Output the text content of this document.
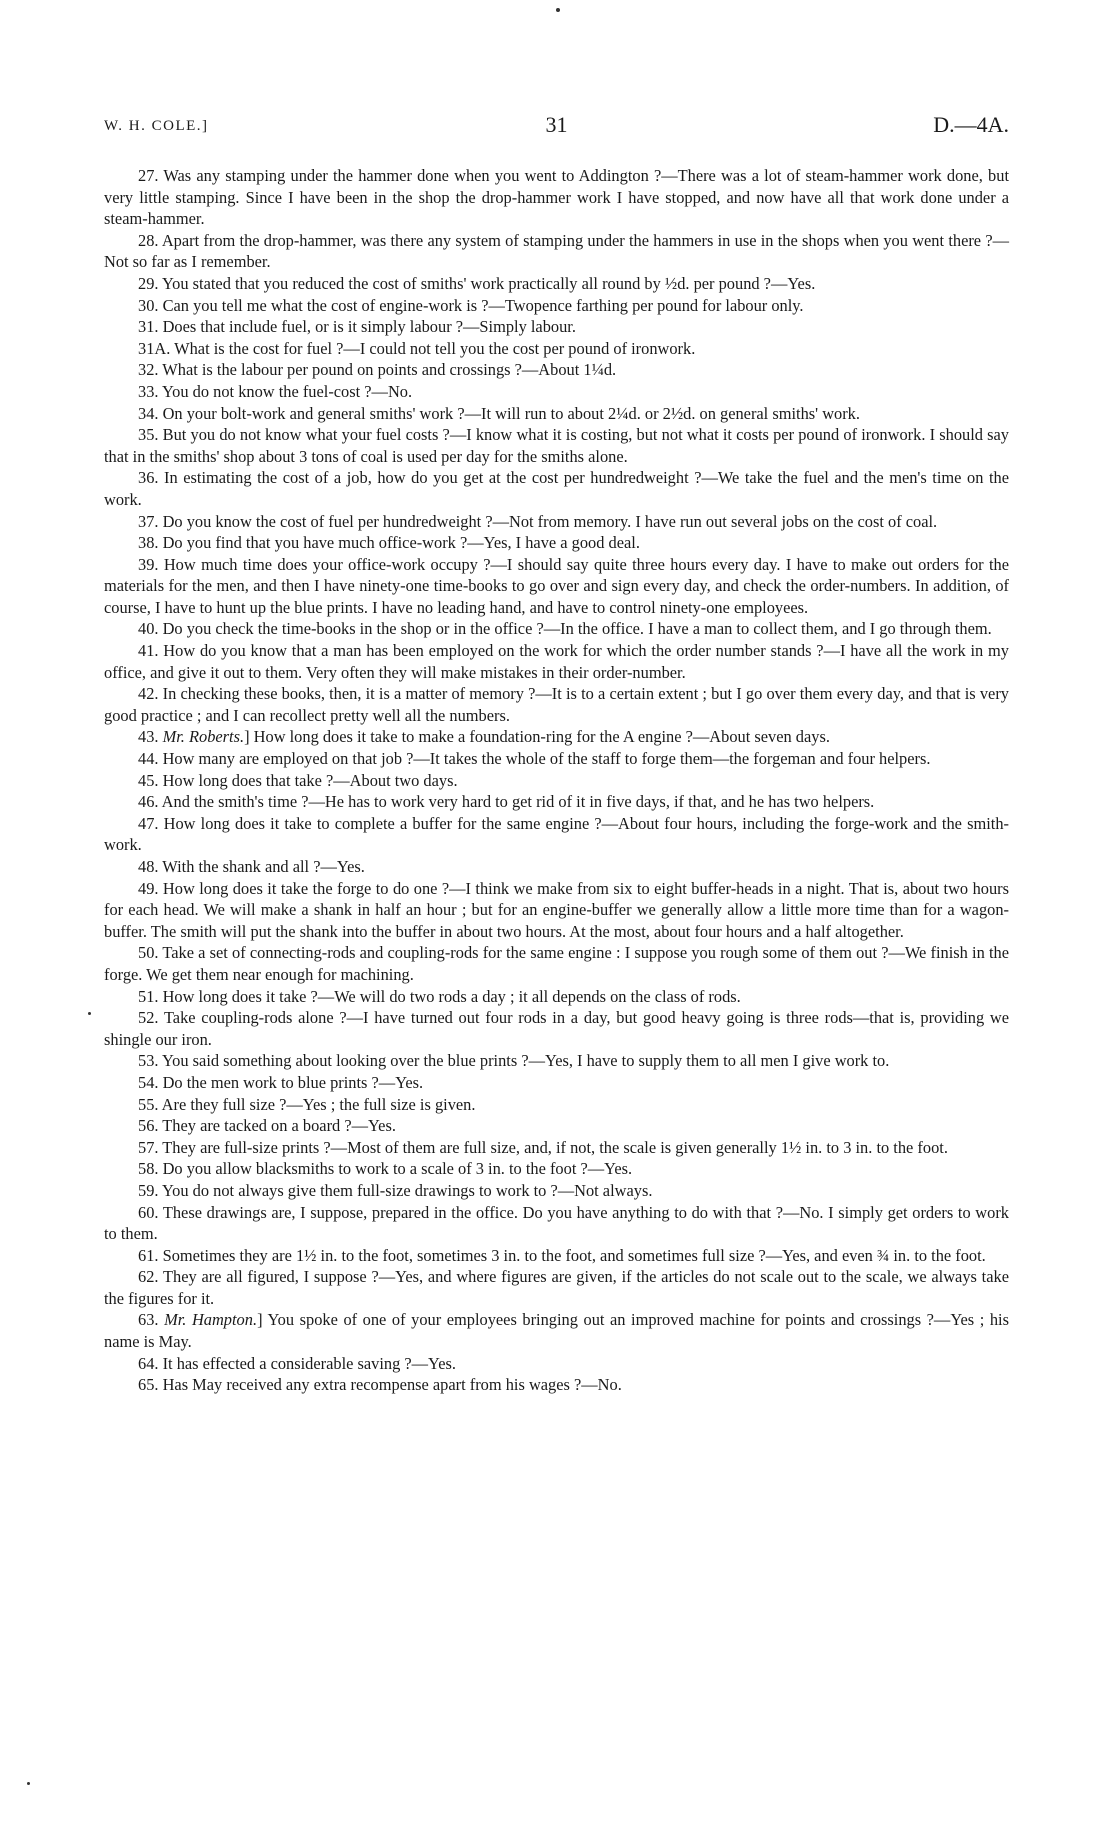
W. H. COLE.]	31	D.—4A.

27. Was any stamping under the hammer done when you went to Addington ?—There was a lot of steam-hammer work done, but very little stamping. Since I have been in the shop the drop-hammer work I have stopped, and now have all that work done under a steam-hammer.

28. Apart from the drop-hammer, was there any system of stamping under the hammers in use in the shops when you went there ?—Not so far as I remember.

29. You stated that you reduced the cost of smiths' work practically all round by ½d. per pound ?—Yes.

30. Can you tell me what the cost of engine-work is ?—Twopence farthing per pound for labour only.

31. Does that include fuel, or is it simply labour ?—Simply labour.

31A. What is the cost for fuel ?—I could not tell you the cost per pound of ironwork.

32. What is the labour per pound on points and crossings ?—About 1¼d.

33. You do not know the fuel-cost ?—No.

34. On your bolt-work and general smiths' work ?—It will run to about 2¼d. or 2½d. on general smiths' work.

35. But you do not know what your fuel costs ?—I know what it is costing, but not what it costs per pound of ironwork. I should say that in the smiths' shop about 3 tons of coal is used per day for the smiths alone.

36. In estimating the cost of a job, how do you get at the cost per hundredweight ?—We take the fuel and the men's time on the work.

37. Do you know the cost of fuel per hundredweight ?—Not from memory. I have run out several jobs on the cost of coal.

38. Do you find that you have much office-work ?—Yes, I have a good deal.

39. How much time does your office-work occupy ?—I should say quite three hours every day. I have to make out orders for the materials for the men, and then I have ninety-one time-books to go over and sign every day, and check the order-numbers. In addition, of course, I have to hunt up the blue prints. I have no leading hand, and have to control ninety-one employees.

40. Do you check the time-books in the shop or in the office ?—In the office. I have a man to collect them, and I go through them.

41. How do you know that a man has been employed on the work for which the order number stands ?—I have all the work in my office, and give it out to them. Very often they will make mistakes in their order-number.

42. In checking these books, then, it is a matter of memory ?—It is to a certain extent ; but I go over them every day, and that is very good practice ; and I can recollect pretty well all the numbers.

43. Mr. Roberts.] How long does it take to make a foundation-ring for the A engine ?—About seven days.

44. How many are employed on that job ?—It takes the whole of the staff to forge them—the forgeman and four helpers.

45. How long does that take ?—About two days.

46. And the smith's time ?—He has to work very hard to get rid of it in five days, if that, and he has two helpers.

47. How long does it take to complete a buffer for the same engine ?—About four hours, including the forge-work and the smith-work.

48. With the shank and all ?—Yes.

49. How long does it take the forge to do one ?—I think we make from six to eight buffer-heads in a night. That is, about two hours for each head. We will make a shank in half an hour ; but for an engine-buffer we generally allow a little more time than for a wagon-buffer. The smith will put the shank into the buffer in about two hours. At the most, about four hours and a half altogether.

50. Take a set of connecting-rods and coupling-rods for the same engine : I suppose you rough some of them out ?—We finish in the forge. We get them near enough for machining.

51. How long does it take ?—We will do two rods a day ; it all depends on the class of rods.

52. Take coupling-rods alone ?—I have turned out four rods in a day, but good heavy going is three rods—that is, providing we shingle our iron.

53. You said something about looking over the blue prints ?—Yes, I have to supply them to all men I give work to.

54. Do the men work to blue prints ?—Yes.

55. Are they full size ?—Yes ; the full size is given.

56. They are tacked on a board ?—Yes.

57. They are full-size prints ?—Most of them are full size, and, if not, the scale is given generally 1½ in. to 3 in. to the foot.

58. Do you allow blacksmiths to work to a scale of 3 in. to the foot ?—Yes.

59. You do not always give them full-size drawings to work to ?—Not always.

60. These drawings are, I suppose, prepared in the office. Do you have anything to do with that ?—No. I simply get orders to work to them.

61. Sometimes they are 1½ in. to the foot, sometimes 3 in. to the foot, and sometimes full size ?—Yes, and even ¾ in. to the foot.

62. They are all figured, I suppose ?—Yes, and where figures are given, if the articles do not scale out to the scale, we always take the figures for it.

63. Mr. Hampton.] You spoke of one of your employees bringing out an improved machine for points and crossings ?—Yes ; his name is May.

64. It has effected a considerable saving ?—Yes.

65. Has May received any extra recompense apart from his wages ?—No.
